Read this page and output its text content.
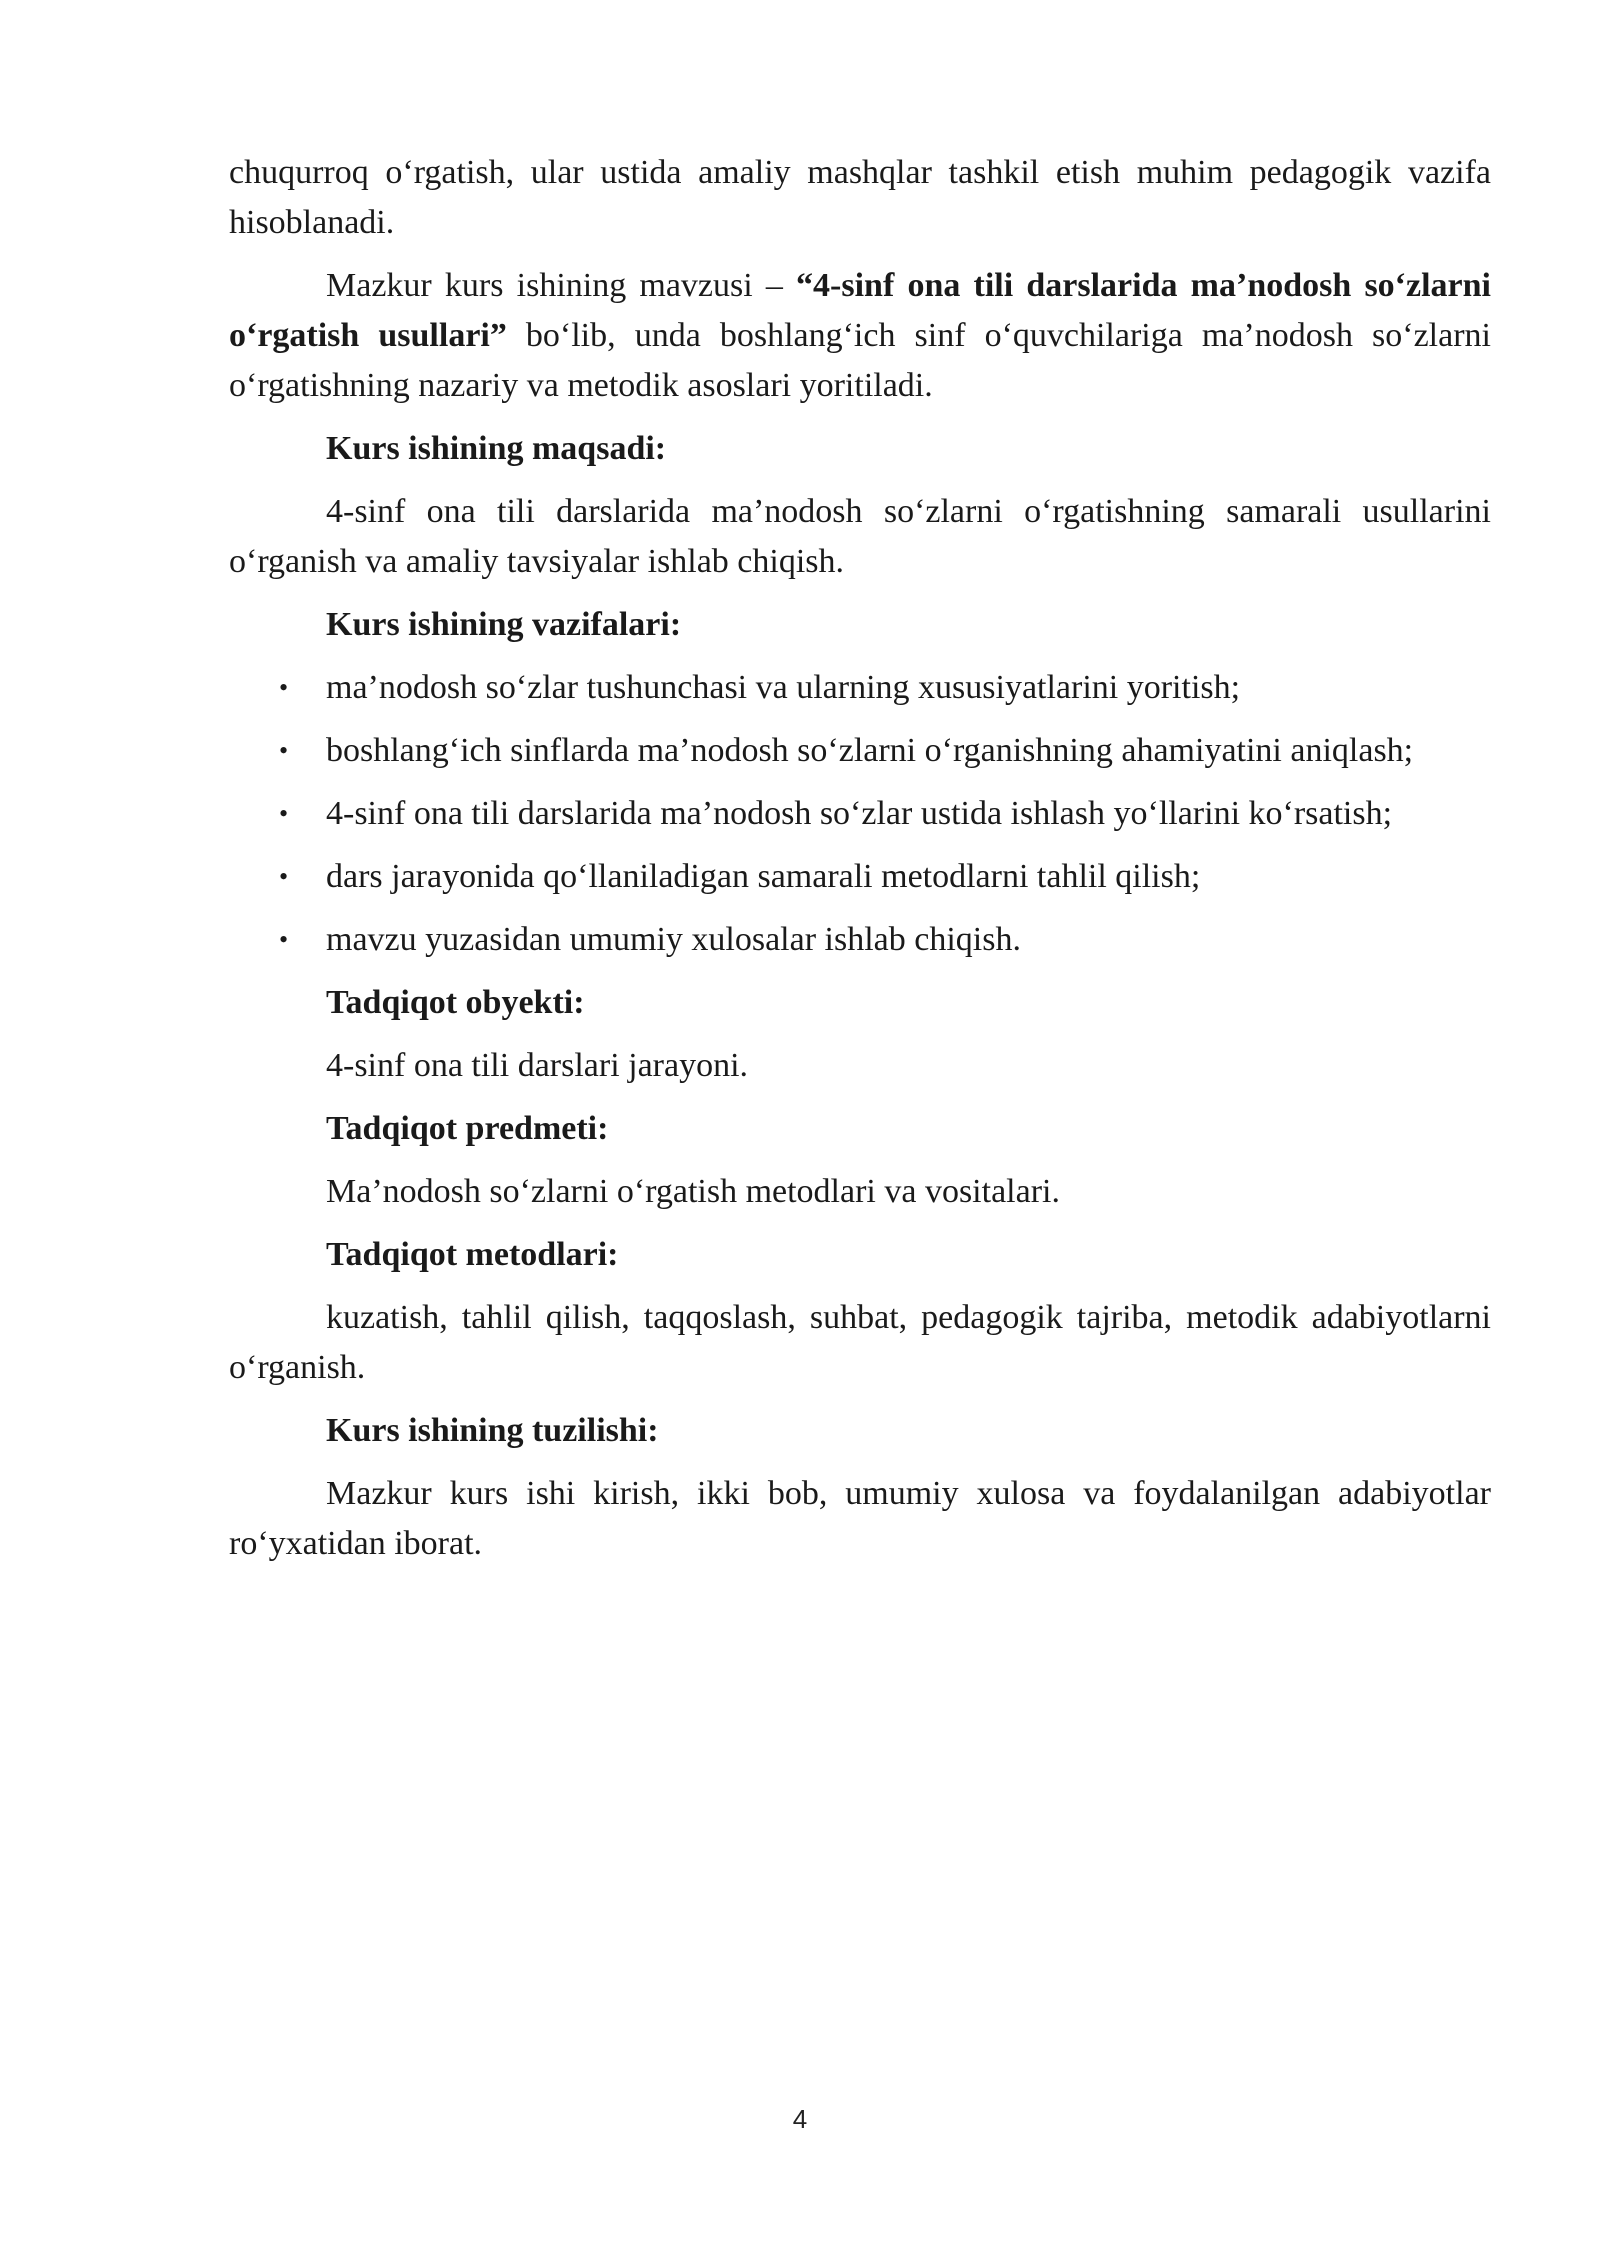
chuqurroq o‘rgatish, ular ustida amaliy mashqlar tashkil etish muhim pedagogik vazifa hisoblanadi.

Mazkur kurs ishining mavzusi – “4-sinf ona tili darslarida ma’nodosh so‘zlarni o‘rgatish usullari” bo‘lib, unda boshlang‘ich sinf o‘quvchilariga ma’nodosh so‘zlarni o‘rgatishning nazariy va metodik asoslari yoritiladi.

Kurs ishining maqsadi:

4-sinf ona tili darslarida ma’nodosh so‘zlarni o‘rgatishning samarali usullarini o‘rganish va amaliy tavsiyalar ishlab chiqish.

Kurs ishining vazifalari:

• ma’nodosh so‘zlar tushunchasi va ularning xususiyatlarini yoritish;
• boshlang‘ich sinflarda ma’nodosh so‘zlarni o‘rganishning ahamiyatini aniqlash;
• 4-sinf ona tili darslarida ma’nodosh so‘zlar ustida ishlash yo‘llarini ko‘rsatish;
• dars jarayonida qo‘llaniladigan samarali metodlarni tahlil qilish;
• mavzu yuzasidan umumiy xulosalar ishlab chiqish.

Tadqiqot obyekti:

4-sinf ona tili darslari jarayoni.

Tadqiqot predmeti:

Ma’nodosh so‘zlarni o‘rgatish metodlari va vositalari.

Tadqiqot metodlari:

kuzatish, tahlil qilish, taqqoslash, suhbat, pedagogik tajriba, metodik adabiyotlarni o‘rganish.

Kurs ishining tuzilishi:

Mazkur kurs ishi kirish, ikki bob, umumiy xulosa va foydalanilgan adabiyotlar ro‘yxatidan iborat.

4
